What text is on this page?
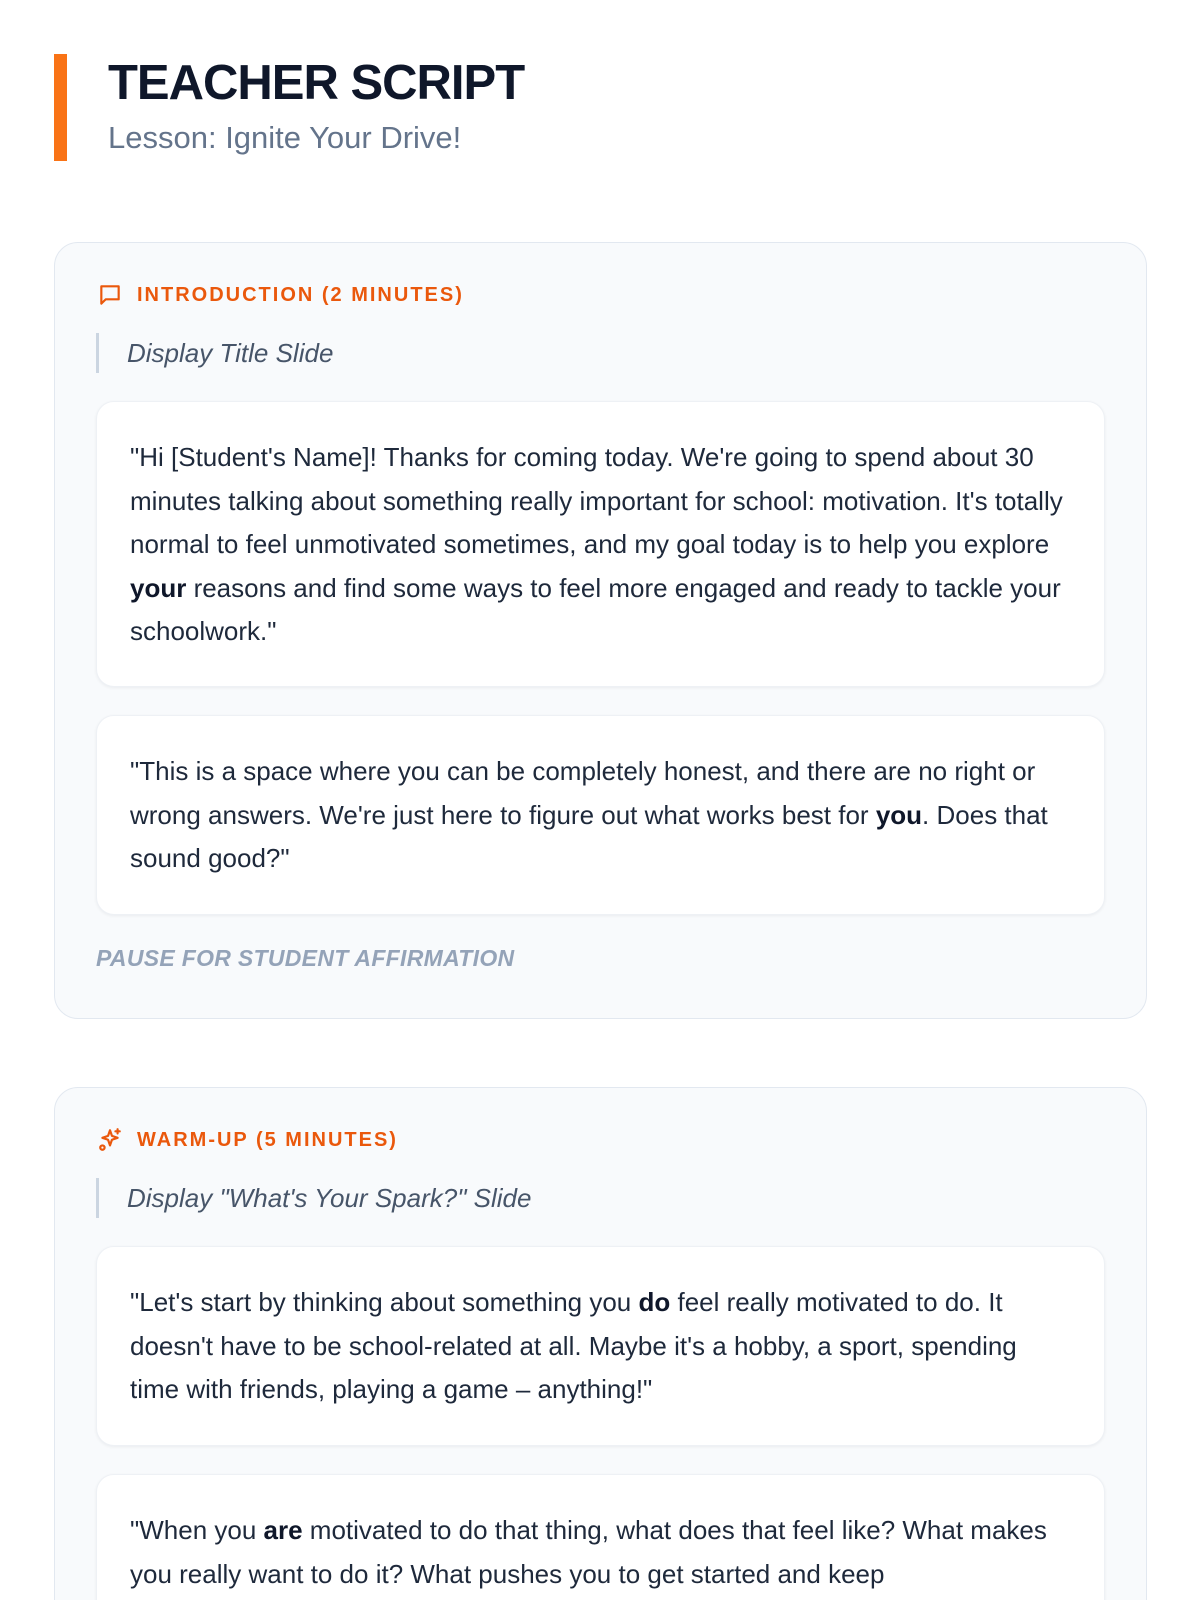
TEACHER SCRIPT
Lesson: Ignite Your Drive!
INTRODUCTION (2 MINUTES)
Display Title Slide
"Hi [Student's Name]! Thanks for coming today. We're going to spend about 30 minutes talking about something really important for school: motivation. It's totally normal to feel unmotivated sometimes, and my goal today is to help you explore your reasons and find some ways to feel more engaged and ready to tackle your schoolwork."
"This is a space where you can be completely honest, and there are no right or wrong answers. We're just here to figure out what works best for you. Does that sound good?"
PAUSE FOR STUDENT AFFIRMATION
WARM-UP (5 MINUTES)
Display "What's Your Spark?" Slide
"Let's start by thinking about something you do feel really motivated to do. It doesn't have to be school-related at all. Maybe it's a hobby, a sport, spending time with friends, playing a game – anything!"
"When you are motivated to do that thing, what does that feel like? What makes you really want to do it? What pushes you to get started and keep
